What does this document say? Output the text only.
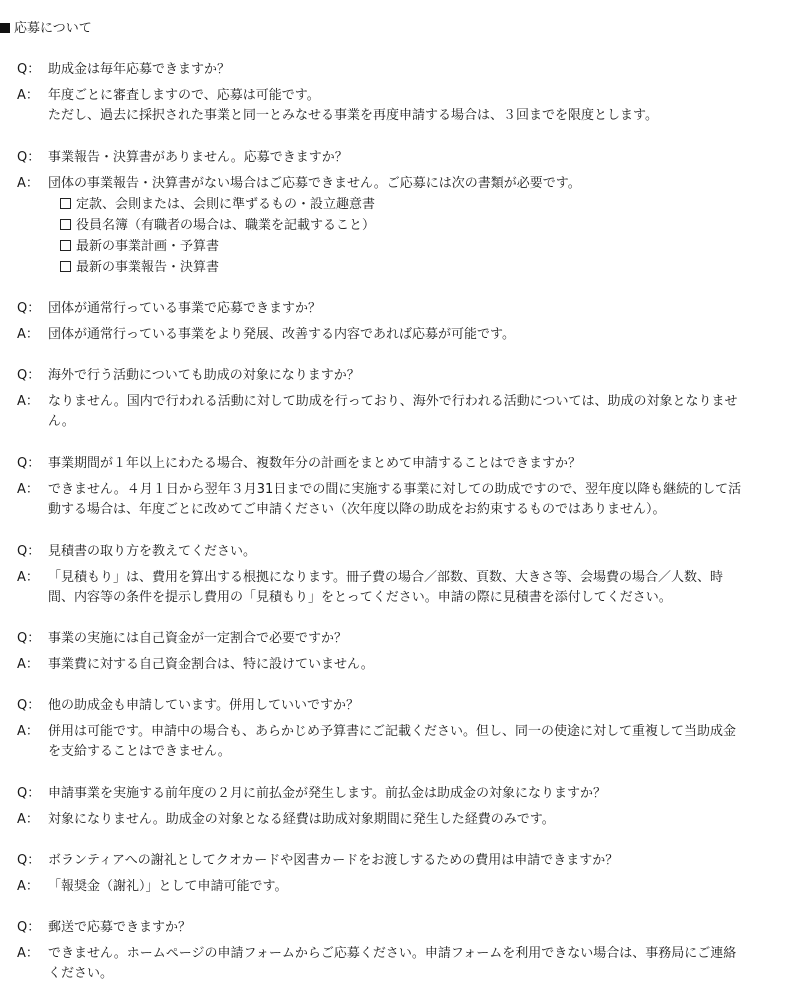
応募について
Q： 助成金は毎年応募できますか？
A： 年度ごとに審査しますので、応募は可能です。
ただし、過去に採択された事業と同一とみなせる事業を再度申請する場合は、３回までを限度とします。
Q： 事業報告・決算書がありません。応募できますか？
A： 団体の事業報告・決算書がない場合はご応募できません。ご応募には次の書類が必要です。
定款、会則または、会則に準ずるもの・設立趣意書
役員名簿（有職者の場合は、職業を記載すること）
最新の事業計画・予算書
最新の事業報告・決算書
Q： 団体が通常行っている事業で応募できますか？
A： 団体が通常行っている事業をより発展、改善する内容であれば応募が可能です。
Q： 海外で行う活動についても助成の対象になりますか？
A： なりません。国内で行われる活動に対して助成を行っており、海外で行われる活動については、助成の対象となりませ
ん。
Q： 事業期間が１年以上にわたる場合、複数年分の計画をまとめて申請することはできますか？
A： できません。４月１日から翌年３月31日までの間に実施する事業に対しての助成ですので、翌年度以降も継続的して活
動する場合は、年度ごとに改めてご申請ください（次年度以降の助成をお約束するものではありません）。
Q： 見積書の取り方を教えてください。
A： 「見積もり」は、費用を算出する根拠になります。冊子費の場合／部数、頁数、大きさ等、会場費の場合／人数、時
間、内容等の条件を提示し費用の「見積もり」をとってください。申請の際に見積書を添付してください。
Q： 事業の実施には自己資金が一定割合で必要ですか？
A： 事業費に対する自己資金割合は、特に設けていません。
Q： 他の助成金も申請しています。併用していいですか？
A： 併用は可能です。申請中の場合も、あらかじめ予算書にご記載ください。但し、同一の使途に対して重複して当助成金
を支給することはできません。
Q： 申請事業を実施する前年度の２月に前払金が発生します。前払金は助成金の対象になりますか？
A： 対象になりません。助成金の対象となる経費は助成対象期間に発生した経費のみです。
Q： ボランティアへの謝礼としてクオカードや図書カードをお渡しするための費用は申請できますか？
A： 「報奨金（謝礼）」として申請可能です。
Q： 郵送で応募できますか？
A： できません。ホームページの申請フォームからご応募ください。申請フォームを利用できない場合は、事務局にご連絡
ください。
